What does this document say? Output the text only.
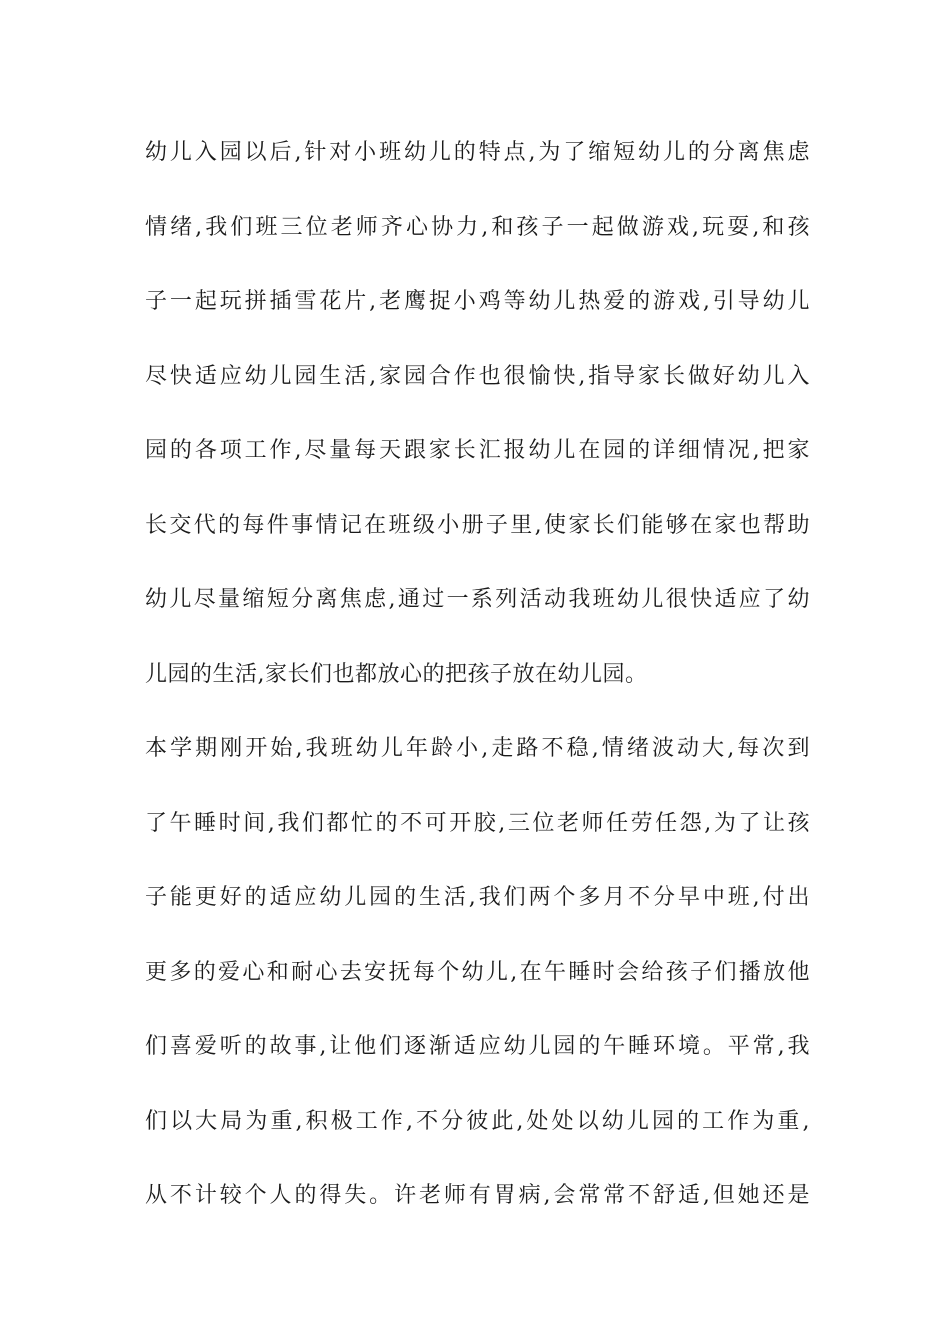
幼儿入园以后,针对小班幼儿的特点,为了缩短幼儿的分离焦虑
情绪,我们班三位老师齐心协力,和孩子一起做游戏,玩耍,和孩
子一起玩拼插雪花片,老鹰捉小鸡等幼儿热爱的游戏,引导幼儿
尽快适应幼儿园生活,家园合作也很愉快,指导家长做好幼儿入
园的各项工作,尽量每天跟家长汇报幼儿在园的详细情况,把家
长交代的每件事情记在班级小册子里,使家长们能够在家也帮助
幼儿尽量缩短分离焦虑,通过一系列活动我班幼儿很快适应了幼
儿园的生活,家长们也都放心的把孩子放在幼儿园。
本学期刚开始,我班幼儿年龄小,走路不稳,情绪波动大,每次到
了午睡时间,我们都忙的不可开胶,三位老师任劳任怨,为了让孩
子能更好的适应幼儿园的生活,我们两个多月不分早中班,付出
更多的爱心和耐心去安抚每个幼儿,在午睡时会给孩子们播放他
们喜爱听的故事,让他们逐渐适应幼儿园的午睡环境。平常,我
们以大局为重,积极工作,不分彼此,处处以幼儿园的工作为重,
从不计较个人的得失。许老师有胃病,会常常不舒适,但她还是
